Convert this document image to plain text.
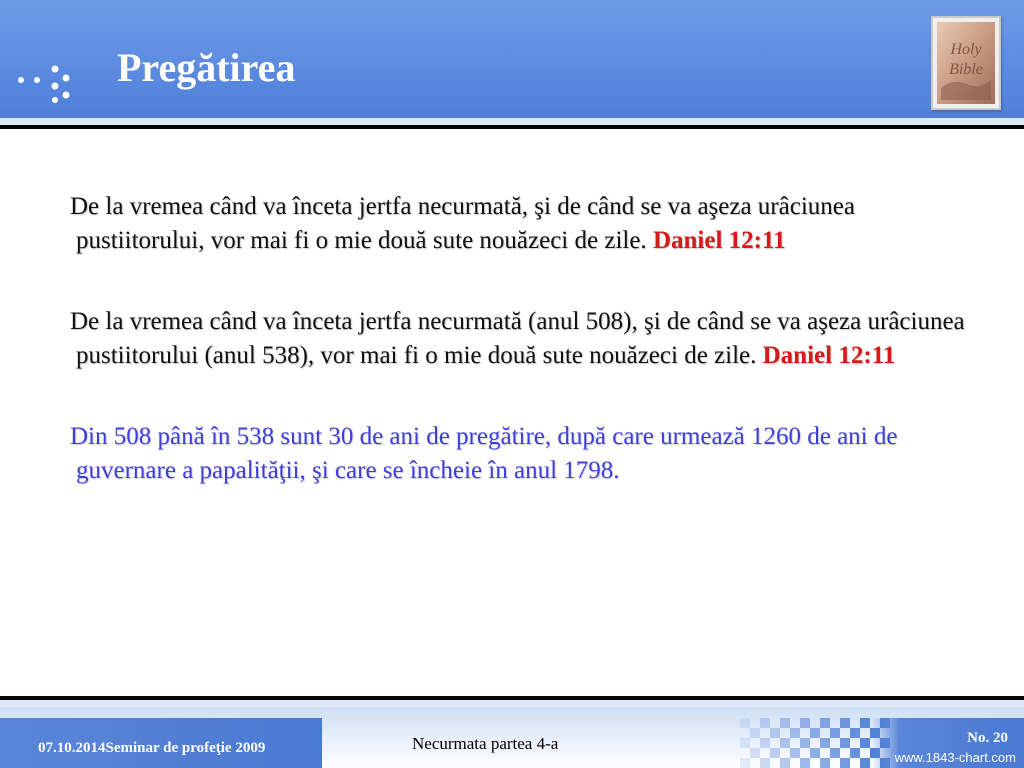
Pregătirea	Holy
Bible

De la vremea când va înceta jertfa necurmată, şi de când se va aşeza urâciunea pustiitorului, vor mai fi o mie două sute nouăzeci de zile. Daniel 12:11

De la vremea când va înceta jertfa necurmată (anul 508), şi de când se va aşeza urâciunea pustiitorului (anul 538), vor mai fi o mie două sute nouăzeci de zile. Daniel 12:11

Din 508 până în 538 sunt 30 de ani de pregătire, după care urmează 1260 de ani de guvernare a papalităţii, şi care se încheie în anul 1798.

07.10.2014Seminar de profeţie 2009	Necurmata partea 4-a	No. 20

www.1843-chart.com
